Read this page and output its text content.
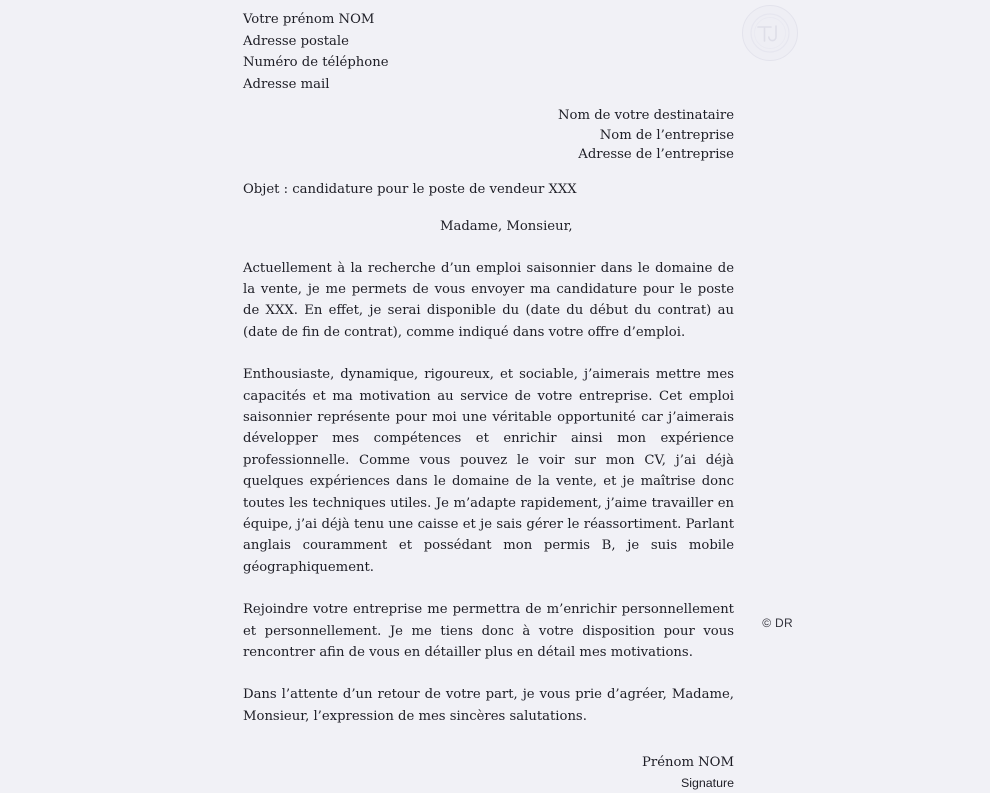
Votre prénom NOM
Adresse postale
Numéro de téléphone
Adresse mail
Nom de votre destinataire
Nom de l’entreprise
Adresse de l’entreprise
Objet : candidature pour le poste de vendeur XXX
Madame, Monsieur,

Actuellement à la recherche d’un emploi saisonnier dans le domaine de la vente, je me permets de vous envoyer ma candidature pour le poste de XXX. En effet, je serai disponible du (date du début du contrat) au (date de fin de contrat), comme indiqué dans votre offre d’emploi.

Enthousiaste, dynamique, rigoureux, et sociable, j’aimerais mettre mes capacités et ma motivation au service de votre entreprise. Cet emploi saisonnier représente pour moi une véritable opportunité car j’aimerais développer mes compétences et enrichir ainsi mon expérience professionnelle. Comme vous pouvez le voir sur mon CV, j’ai déjà quelques expériences dans le domaine de la vente, et je maîtrise donc toutes les techniques utiles. Je m’adapte rapidement, j’aime travailler en équipe, j’ai déjà tenu une caisse et je sais gérer le réassortiment. Parlant anglais couramment et possédant mon permis B, je suis mobile géographiquement.

Rejoindre votre entreprise me permettra de m’enrichir personnellement et personnellement. Je me tiens donc à votre disposition pour vous rencontrer afin de vous en détailler plus en détail mes motivations.

Dans l’attente d’un retour de votre part, je vous prie d’agréer, Madame, Monsieur, l’expression de mes sincères salutations.

Prénom NOM
Signature
© DR
